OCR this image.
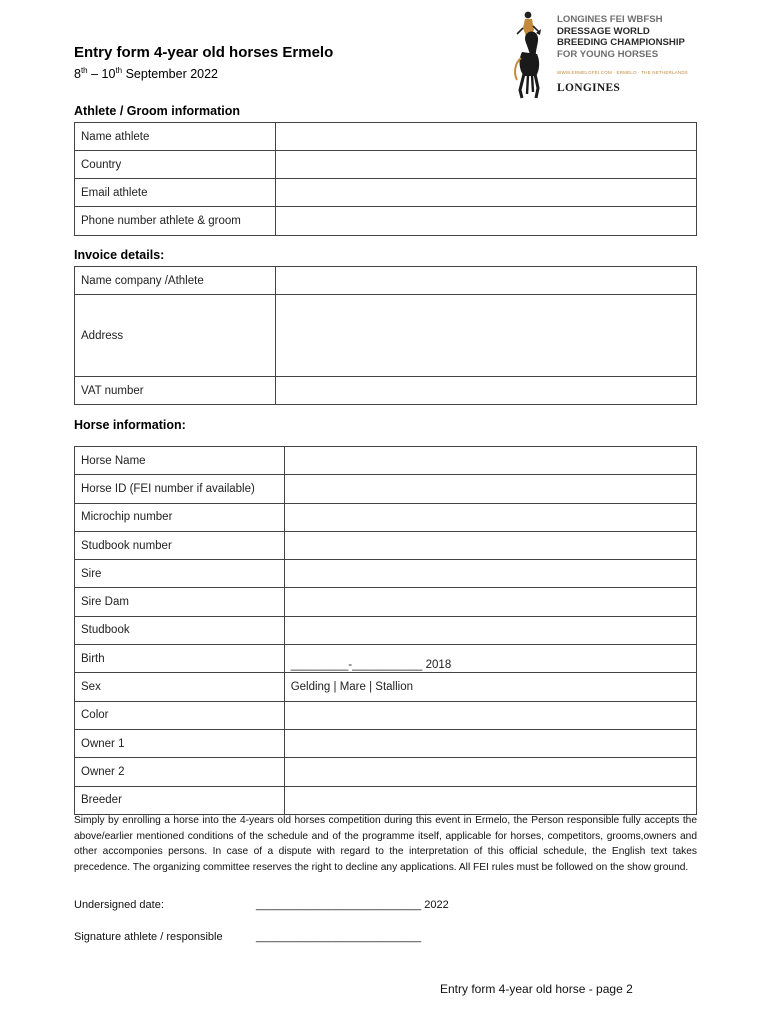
Entry form 4-year old horses Ermelo
8th – 10th September 2022
LONGINES FEI WBFSH
DRESSAGE WORLD
BREEDING CHAMPIONSHIP
FOR YOUNG HORSES
WWW.ERMELOFEI.COM · ERMELO · THE NETHERLANDS
LONGINES
Athlete / Groom information
Name athlete	
Country	
Email athlete	
Phone number athlete & groom	
Invoice details:
Name company /Athlete	
Address	
VAT number	
Horse information:
Horse Name	
Horse ID (FEI number if available)	
Microchip number	
Studbook number	
Sire	
Sire Dam	
Studbook	
Birth	_________-___________ 2018
Sex	Gelding | Mare | Stallion
Color	
Owner 1	
Owner 2	
Breeder	
Simply by enrolling a horse into the 4-years old horses competition during this event in Ermelo, the Person responsible fully accepts the above/earlier mentioned conditions of the schedule and of the programme itself, applicable for horses, competitors, grooms,owners and other accomponies persons. In case of a dispute with regard to the interpretation of this official schedule, the English text takes precedence. The organizing committee reserves the right to decline any applications. All FEI rules must be followed on the show ground.
Undersigned date:	___________________________ 2022
Signature athlete / responsible	___________________________
Entry form 4-year old horse - page 2
